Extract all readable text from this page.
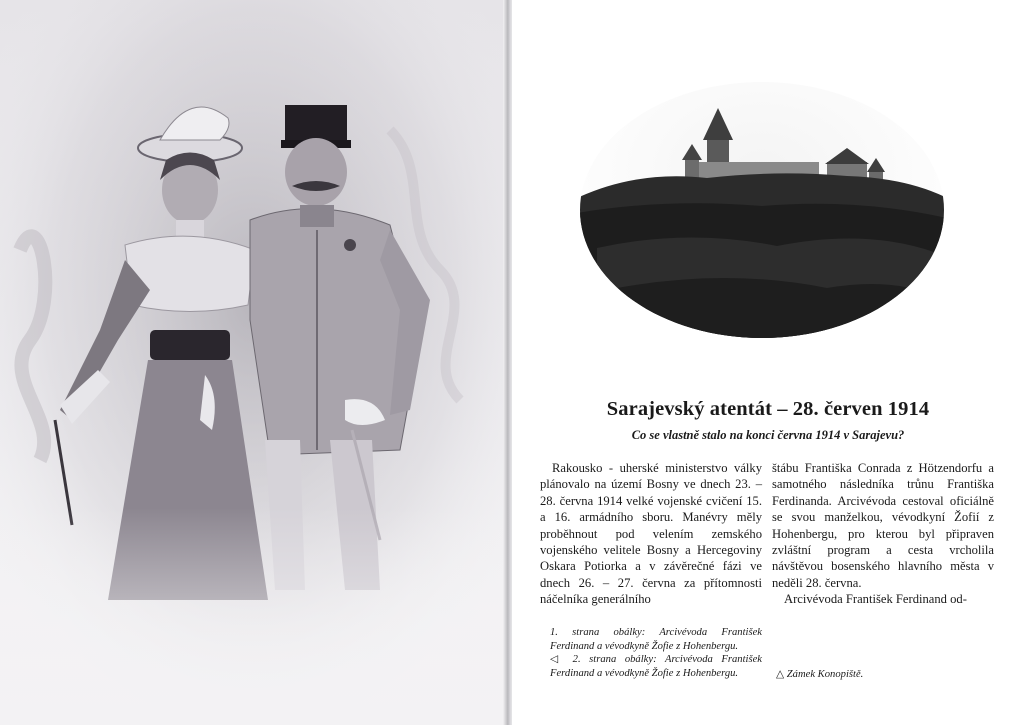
Sarajevský atentát – 28. červen 1914
Co se vlastně stalo na konci června 1914 v Sarajevu?

Rakousko - uherské ministerstvo války plánovalo na území Bosny ve dnech 23. – 28. června 1914 velké vojenské cvičení 15. a 16. armádního sboru. Manévry měly proběhnout pod velením zemského vojenského velitele Bosny a Hercegoviny Oskara Potiorka a v závěrečné fázi ve dnech 26. – 27. června za přítomnosti náčelníka generálního

štábu Františka Conrada z Hötzendorfu a samotného následníka trůnu Františka Ferdinanda. Arcivévoda cestoval oficiálně se svou manželkou, vévodkyní Žofií z Hohenbergu, pro kterou byl připraven zvláštní program a cesta vrcholila návštěvou bosenského hlavního města v neděli 28. června.

Arcivévoda František Ferdinand od-

1. strana obálky: Arcivévoda František Ferdinand a vévodkyně Žofie z Hohenbergu.

◁ 2. strana obálky: Arcivévoda František Ferdinand a vévodkyně Žofie z Hohenbergu.	△ Zámek Konopiště.
